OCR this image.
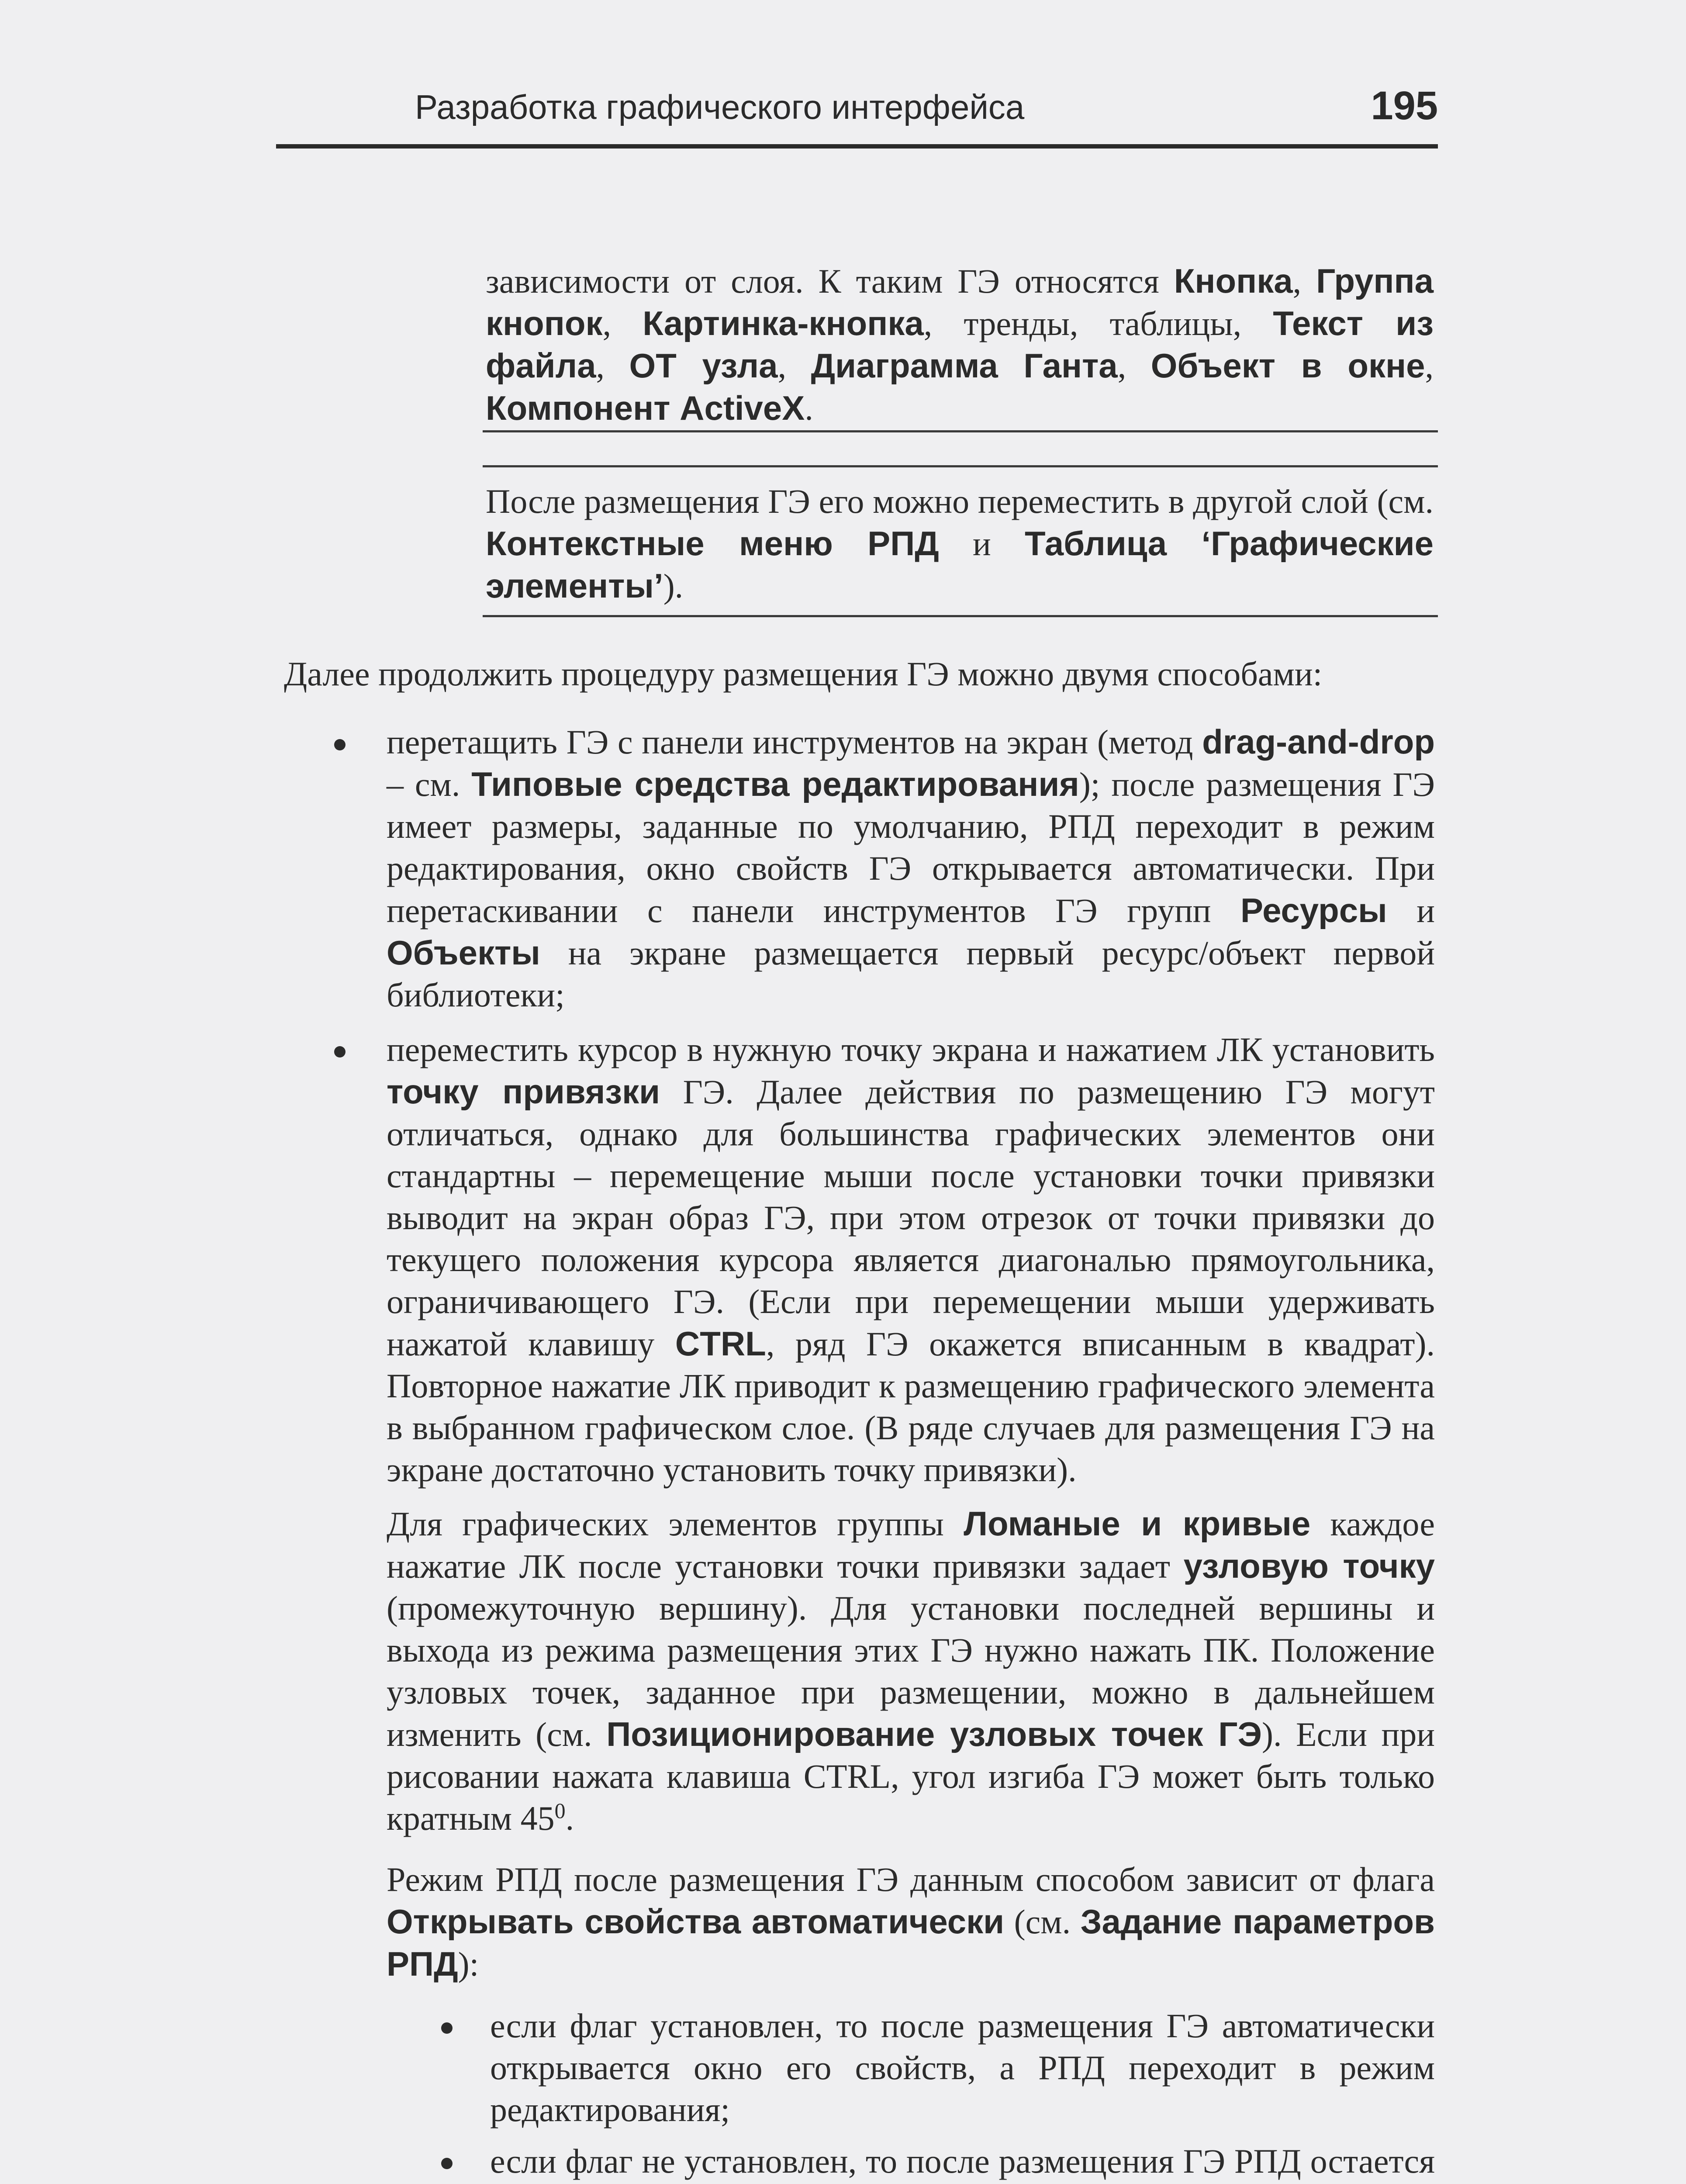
Разработка графического интерфейса	195
зависимости от слоя. К таким ГЭ относятся Кнопка, Группа кнопок, Картинка-кнопка, тренды, таблицы, Текст из файла, ОТ узла, Диаграмма Ганта, Объект в окне, Компонент ActiveX.
После размещения ГЭ его можно переместить в другой слой (см. Контекстные меню РПД и Таблица ‘Графические элементы’).
Далее продолжить процедуру размещения ГЭ можно двумя способами:
перетащить ГЭ с панели инструментов на экран (метод drag-and-drop – см. Типовые средства редактирования); после размещения ГЭ имеет размеры, заданные по умолчанию, РПД переходит в режим редактирования, окно свойств ГЭ открывается автоматически. При перетаскивании с панели инструментов ГЭ групп Ресурсы и Объекты на экране размещается первый ресурс/объект первой библиотеки;
переместить курсор в нужную точку экрана и нажатием ЛК установить точку привязки ГЭ. Далее действия по размещению ГЭ могут отличаться, однако для большинства графических элементов они стандартны – перемещение мыши после установки точки привязки выводит на экран образ ГЭ, при этом отрезок от точки привязки до текущего положения курсора является диагональю прямоугольника, ограничивающего ГЭ. (Если при перемещении мыши удерживать нажатой клавишу CTRL, ряд ГЭ окажется вписанным в квадрат). Повторное нажатие ЛК приводит к размещению графического элемента в выбранном графическом слое. (В ряде случаев для размещения ГЭ на экране достаточно установить точку привязки).
Для графических элементов группы Ломаные и кривые каждое нажатие ЛК после установки точки привязки задает узловую точку (промежуточную вершину). Для установки последней вершины и выхода из режима размещения этих ГЭ нужно нажать ПК. Положение узловых точек, заданное при размещении, можно в дальнейшем изменить (см. Позиционирование узловых точек ГЭ). Если при рисовании нажата клавиша CTRL, угол изгиба ГЭ может быть только кратным $45^0$.
Режим РПД после размещения ГЭ данным способом зависит от флага Открывать свойства автоматически (см. Задание параметров РПД):
если флаг установлен, то после размещения ГЭ автоматически открывается окно его свойств, а РПД переходит в режим редактирования;
если флаг не установлен, то после размещения ГЭ РПД остается
